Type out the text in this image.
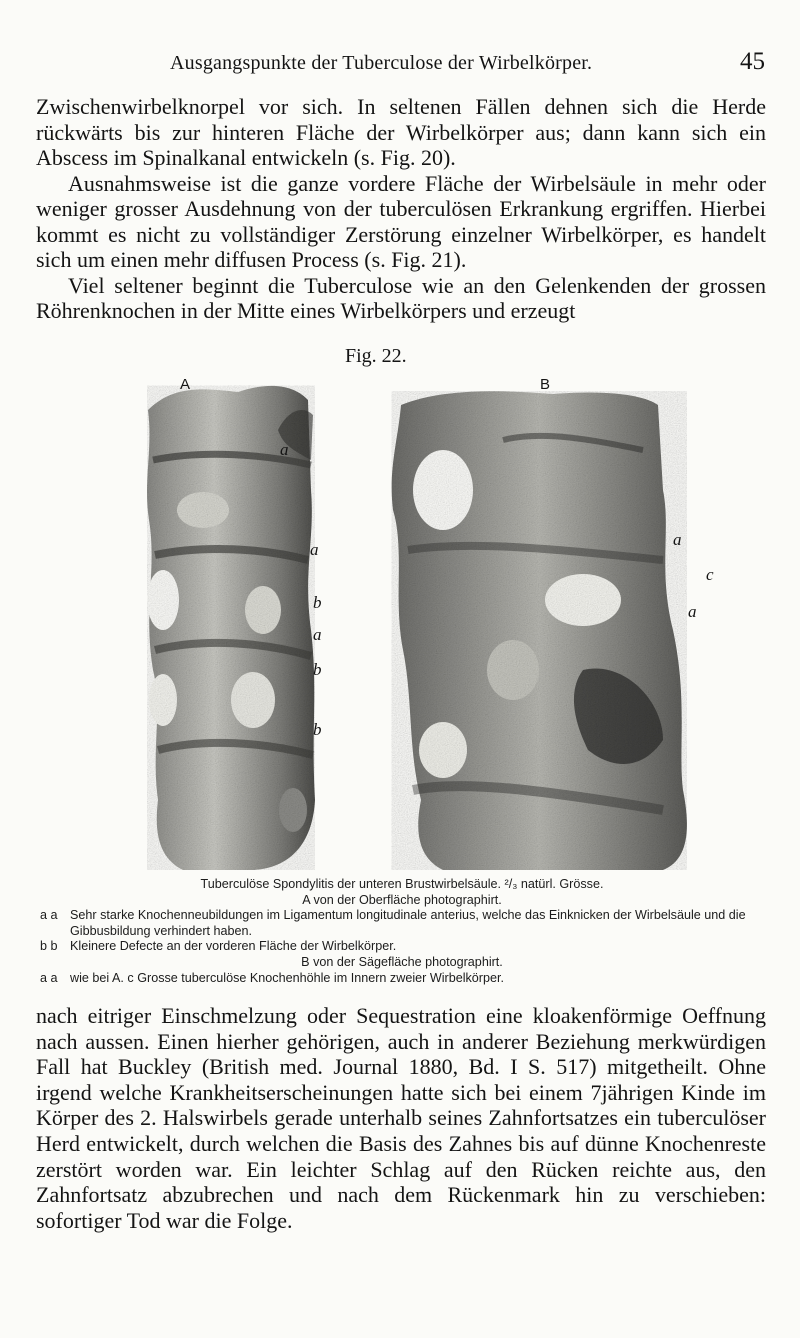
Ausgangspunkte der Tuberculose der Wirbelkörper.	45

Zwischenwirbelknorpel vor sich. In seltenen Fällen dehnen sich die Herde rückwärts bis zur hinteren Fläche der Wirbelkörper aus; dann kann sich ein Abscess im Spinalkanal entwickeln (s. Fig. 20).

Ausnahmsweise ist die ganze vordere Fläche der Wirbelsäule in mehr oder weniger grosser Ausdehnung von der tuberculösen Erkrankung ergriffen. Hierbei kommt es nicht zu vollständiger Zerstörung einzelner Wirbelkörper, es handelt sich um einen mehr diffusen Process (s. Fig. 21).

Viel seltener beginnt die Tuberculose wie an den Gelenkenden der grossen Röhrenknochen in der Mitte eines Wirbelkörpers und erzeugt

Fig. 22.
A	B
a
a
b
a
b
b
a
c
a
Tuberculöse Spondylitis der unteren Brustwirbelsäule. ²/₃ natürl. Grösse.
A von der Oberfläche photographirt.
a a Sehr starke Knochenneubildungen im Ligamentum longitudinale anterius, welche das Einknicken der Wirbelsäule und die Gibbusbildung verhindert haben.
b b Kleinere Defecte an der vorderen Fläche der Wirbelkörper.
B von der Sägefläche photographirt.
a a wie bei A. c Grosse tuberculöse Knochenhöhle im Innern zweier Wirbelkörper.

nach eitriger Einschmelzung oder Sequestration eine kloakenförmige Oeffnung nach aussen. Einen hierher gehörigen, auch in anderer Beziehung merkwürdigen Fall hat Buckley (British med. Journal 1880, Bd. I S. 517) mitgetheilt. Ohne irgend welche Krankheitserscheinungen hatte sich bei einem 7jährigen Kinde im Körper des 2. Halswirbels gerade unterhalb seines Zahnfortsatzes ein tuberculöser Herd entwickelt, durch welchen die Basis des Zahnes bis auf dünne Knochenreste zerstört worden war. Ein leichter Schlag auf den Rücken reichte aus, den Zahnfortsatz abzubrechen und nach dem Rückenmark hin zu verschieben: sofortiger Tod war die Folge.
